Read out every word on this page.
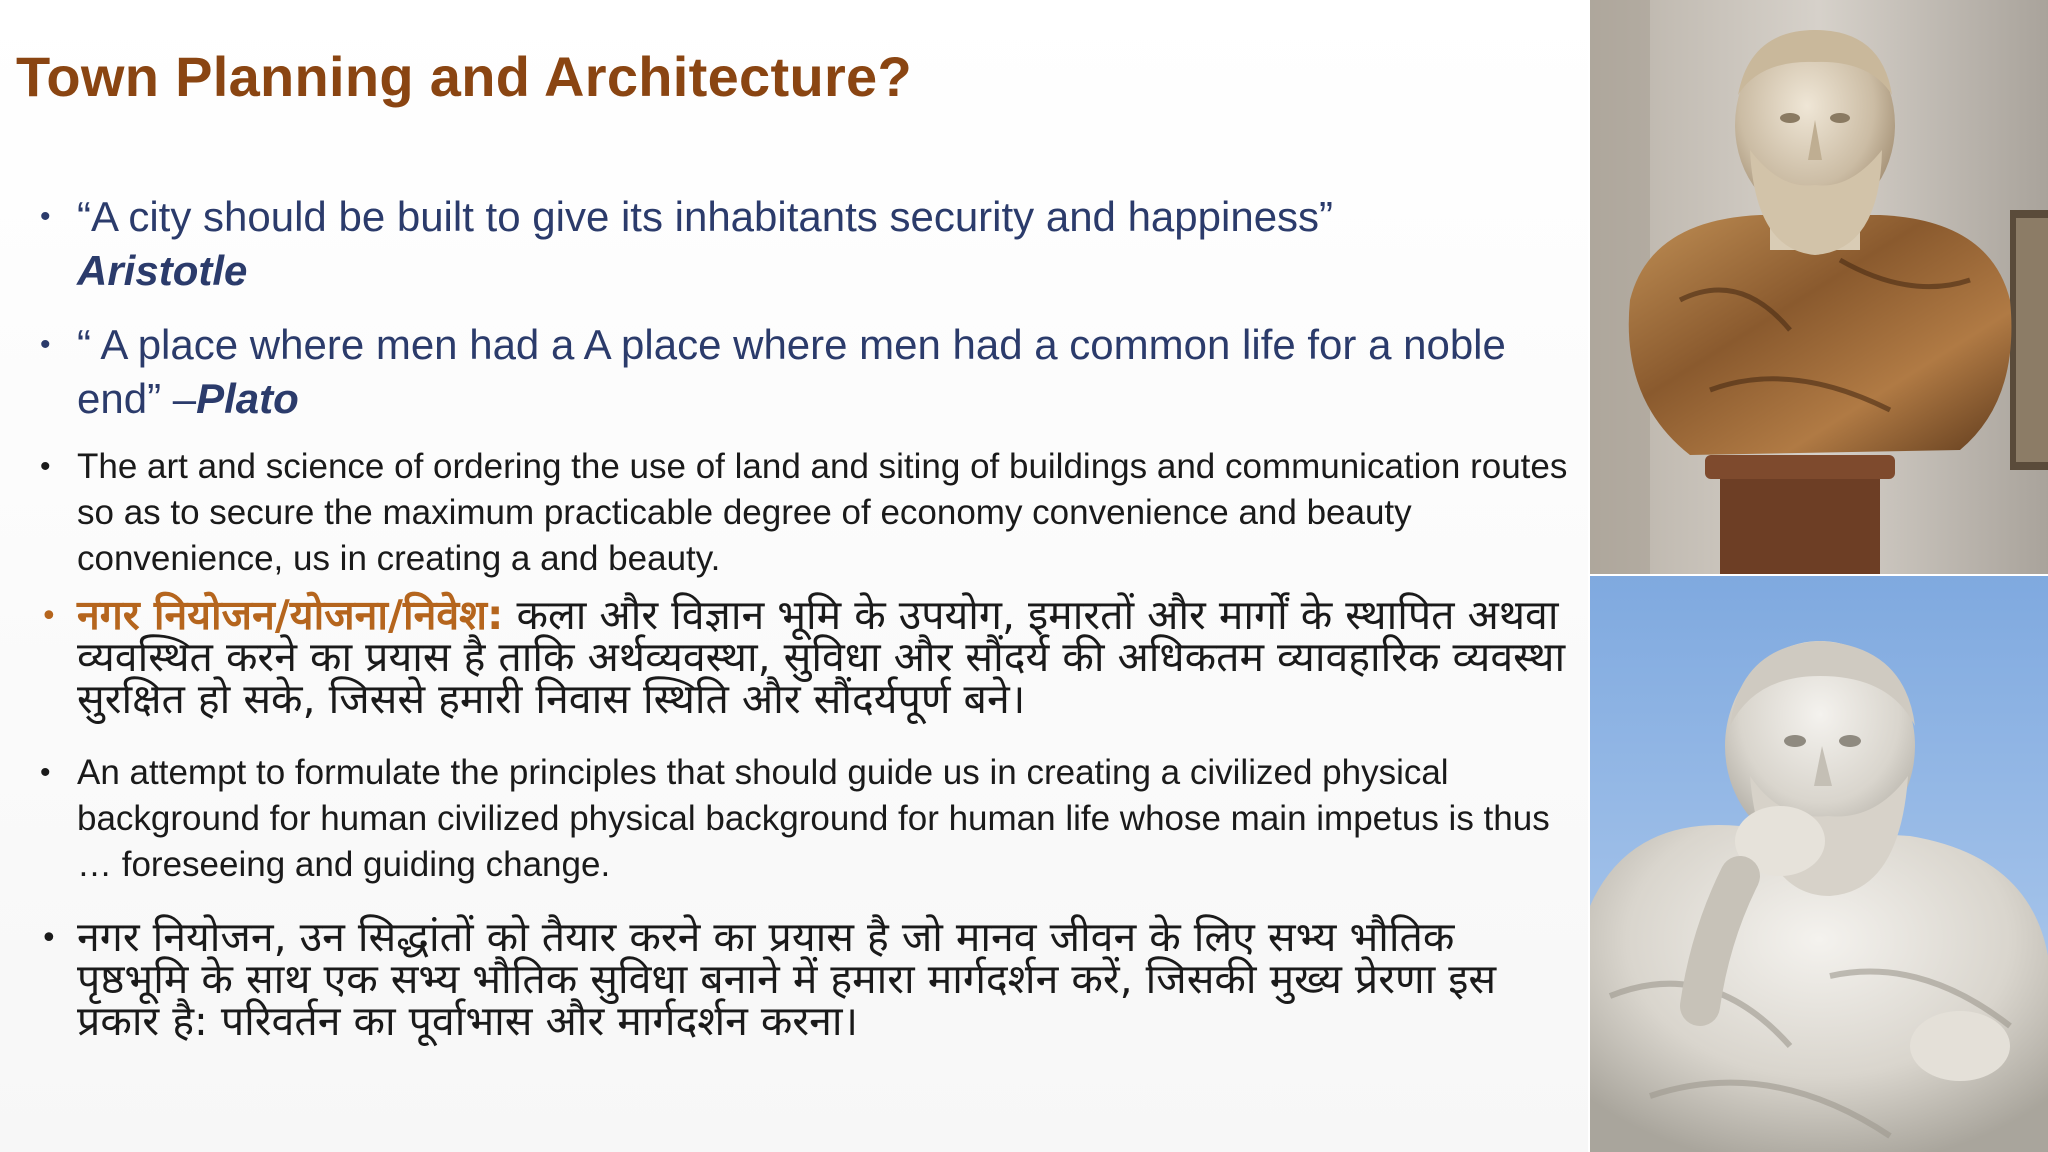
Town Planning and Architecture?
• “A city should be built to give its inhabitants security and happiness”
Aristotle
• “ A place where men had a A place where men had a common life for a noble end” –Plato
• The art and science of ordering the use of land and siting of buildings and communication routes so as to secure the maximum practicable degree of economy convenience and beauty convenience, us in creating a and beauty.
• नगर नियोजन/योजना/निवेश: कला और विज्ञान भूमि के उपयोग, इमारतों और मार्गों के स्थापित अथवा व्यवस्थित करने का प्रयास है ताकि अर्थव्यवस्था, सुविधा और सौंदर्य की अधिकतम व्यावहारिक व्यवस्था सुरक्षित हो सके, जिससे हमारी निवास स्थिति और सौंदर्यपूर्ण बने।
• An attempt to formulate the principles that should guide us in creating a civilized physical background for human civilized physical background for human life whose main impetus is thus … foreseeing and guiding change.
• नगर नियोजन, उन सिद्धांतों को तैयार करने का प्रयास है जो मानव जीवन के लिए सभ्य भौतिक पृष्ठभूमि के साथ एक सभ्य भौतिक सुविधा बनाने में हमारा मार्गदर्शन करें, जिसकी मुख्य प्रेरणा इस प्रकार है: परिवर्तन का पूर्वाभास और मार्गदर्शन करना।
